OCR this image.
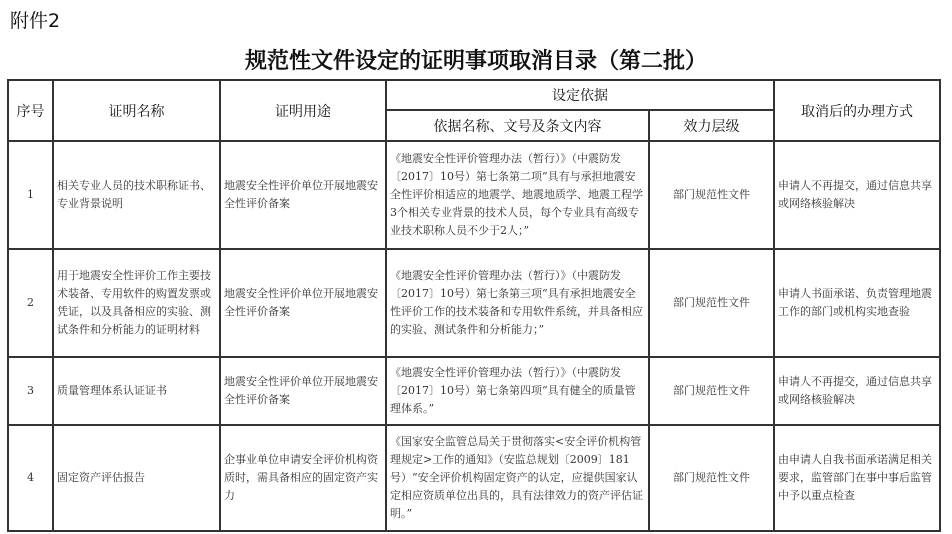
附件2
规范性文件设定的证明事项取消目录（第二批）
序号	证明名称	证明用途	设定依据		取消后的办理方式
			依据名称、文号及条文内容	效力层级	
1	相关专业人员的技术职称证书、专业背景说明	地震安全性评价单位开展地震安全性评价备案	《地震安全性评价管理办法（暂行）》（中震防发〔2017〕10号）第七条第二项“具有与承担地震安全性评价相适应的地震学、地震地质学、地震工程学3个相关专业背景的技术人员，每个专业具有高级专业技术职称人员不少于2人；”	部门规范性文件	申请人不再提交，通过信息共享或网络核验解决
2	用于地震安全性评价工作主要技术装备、专用软件的购置发票或凭证，以及具备相应的实验、测试条件和分析能力的证明材料	地震安全性评价单位开展地震安全性评价备案	《地震安全性评价管理办法（暂行）》（中震防发〔2017〕10号）第七条第三项“具有承担地震安全性评价工作的技术装备和专用软件系统，并具备相应的实验、测试条件和分析能力；”	部门规范性文件	申请人书面承诺、负责管理地震工作的部门或机构实地查验
3	质量管理体系认证证书	地震安全性评价单位开展地震安全性评价备案	《地震安全性评价管理办法（暂行）》（中震防发〔2017〕10号）第七条第四项“具有健全的质量管理体系。”	部门规范性文件	申请人不再提交，通过信息共享或网络核验解决
4	固定资产评估报告	企事业单位申请安全评价机构资质时，需具备相应的固定资产实力	《国家安全监管总局关于贯彻落实<安全评价机构管理规定>工作的通知》（安监总规划〔2009〕181号）“安全评价机构固定资产的认定，应提供国家认定相应资质单位出具的，具有法律效力的资产评估证明。”	部门规范性文件	由申请人自我书面承诺满足相关要求，监管部门在事中事后监管中予以重点检查
